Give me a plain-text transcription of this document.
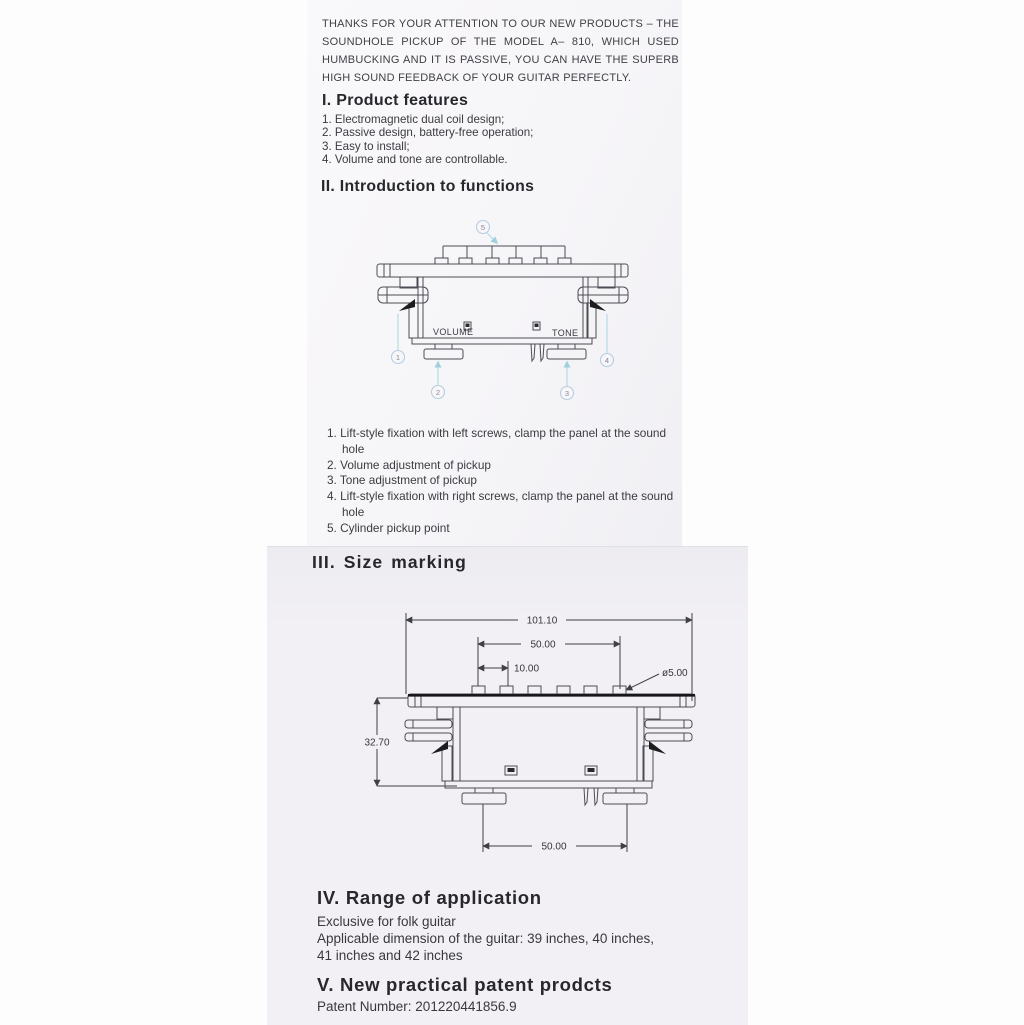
THANKS FOR YOUR ATTENTION TO OUR NEW PRODUCTS – THE SOUNDHOLE PICKUP OF THE MODEL A– 810, WHICH USED HUMBUCKING AND IT IS PASSIVE, YOU CAN HAVE THE SUPERB HIGH SOUND FEEDBACK OF YOUR GUITAR PERFECTLY.

I. Product features
1. Electromagnetic dual coil design;
2. Passive design, battery-free operation;
3. Easy to install;
4. Volume and tone are controllable.
II. Introduction to functions
VOLUME	TONE
5
1
2	3
4
1. Lift-style fixation with left screws, clamp the panel at the sound hole
2. Volume adjustment of pickup
3. Tone adjustment of pickup
4. Lift-style fixation with right screws, clamp the panel at the sound hole
5. Cylinder pickup point
III. Size marking
101.10
50.00
10.00	ø5.00
32.70
50.00
IV. Range of application
Exclusive for folk guitar
Applicable dimension of the guitar: 39 inches, 40 inches,
41 inches and 42 inches
V. New practical patent prodcts
Patent Number: 201220441856.9
